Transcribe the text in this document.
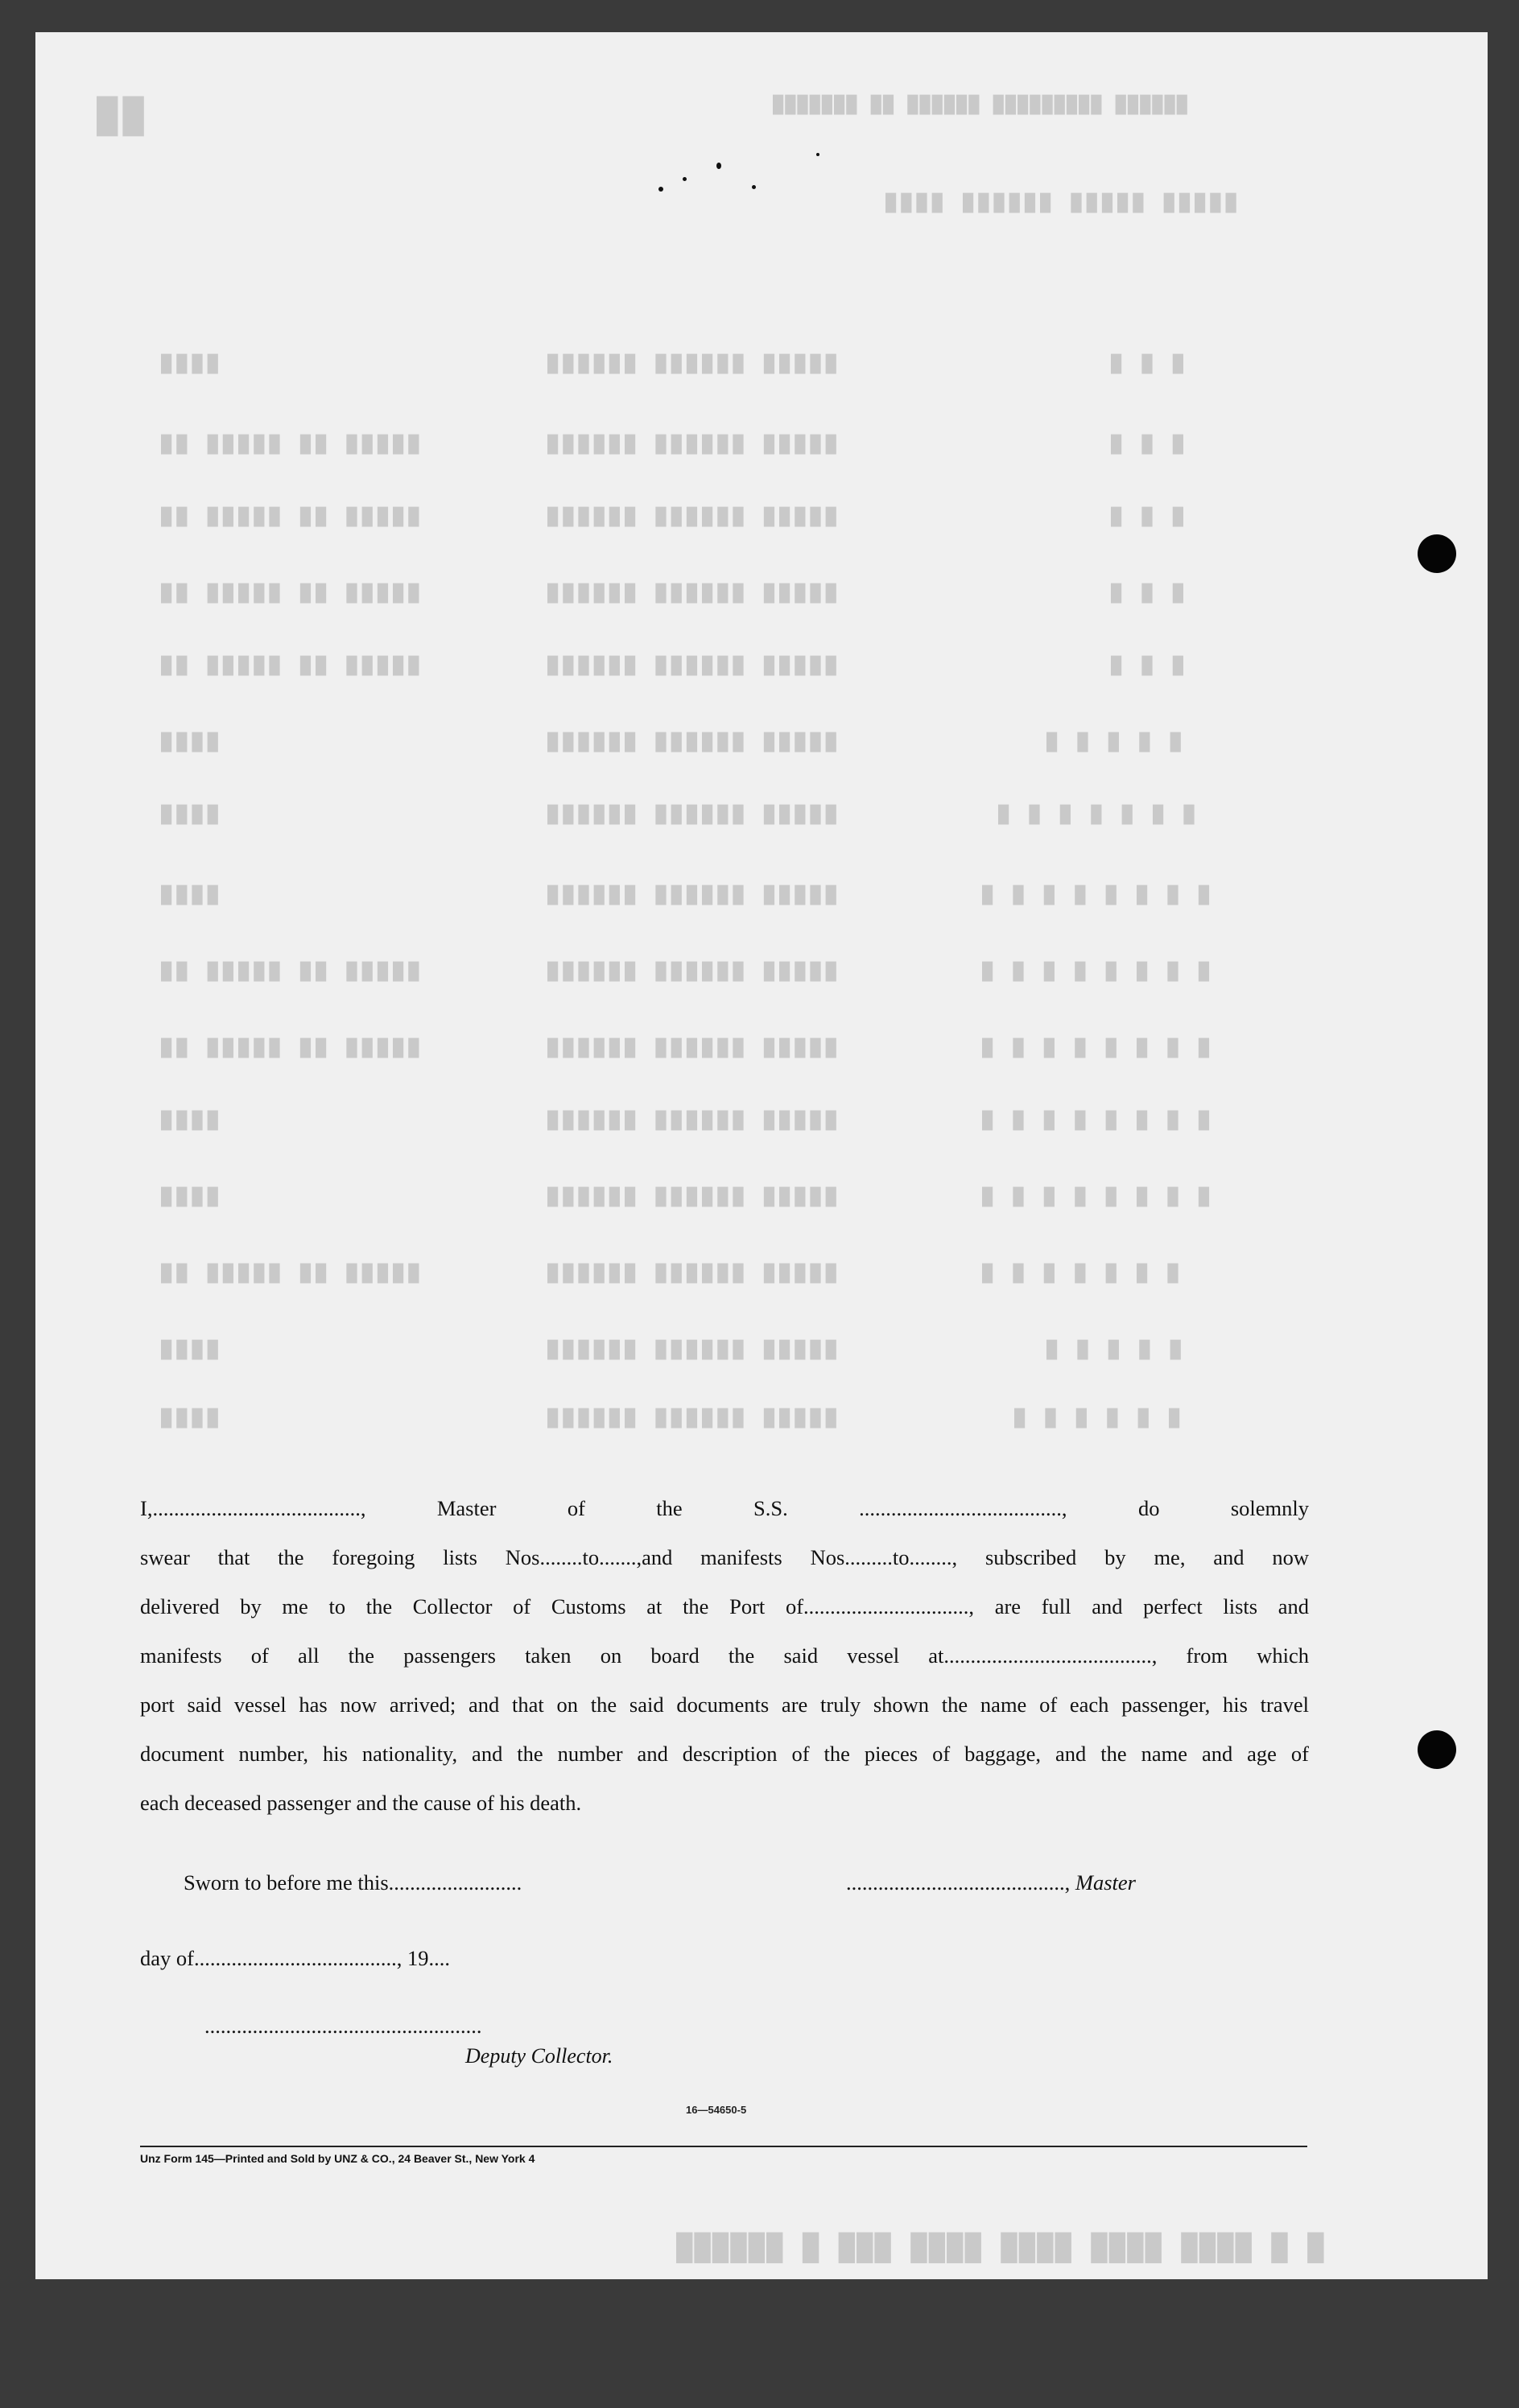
███████ ██ ██████ █████████ ██████
██
████ ██████ █████ █████
█ █ █
█ █ █
█ █ █
█ █ █
█ █ █
█ █ █ █ █
█ █ █ █ █ █ █
█ █ █ █ █ █ █ █
█ █ █ █ █ █ █ █
█ █ █ █ █ █ █ █
█ █ █ █ █ █ █ █
█ █ █ █ █ █ █ █
█ █ █ █ █ █ █
█ █ █ █ █
█ █ █ █ █ █
██████ ██████ █████
██████ ██████ █████
██████ ██████ █████
██████ ██████ █████
██████ ██████ █████
██████ ██████ █████
██████ ██████ █████
██████ ██████ █████
██████ ██████ █████
██████ ██████ █████
██████ ██████ █████
██████ ██████ █████
██████ ██████ █████
██████ ██████ █████
██████ ██████ █████
████
██ █████ ██ █████
██ █████ ██ █████
██ █████ ██ █████
██ █████ ██ █████
████
████
████
██ █████ ██ █████
██ █████ ██ █████
████
████
██ █████ ██ █████
████
████
██████ █ ███ ████ ████ ████ ████ █ █
I,......................................., Master of the S.S. ......................................, do solemnly
swear that the foregoing lists Nos........to.......,and manifests Nos.........to........, subscribed by me, and now
delivered by me to the Collector of Customs at the Port of..............................., are full and perfect lists and
manifests of all the passengers taken on board the said vessel at......................................., from which
port said vessel has now arrived; and that on the said documents are truly shown the name of each passenger, his travel
document number, his nationality, and the number and description of the pieces of baggage, and the name and age of
each deceased passenger and the cause of his death.
Sworn to before me this.........................	........................................., Master
day of......................................, 19....
....................................................
Deputy Collector.
16—54650-5
Unz Form 145—Printed and Sold by UNZ & CO., 24 Beaver St., New York 4
